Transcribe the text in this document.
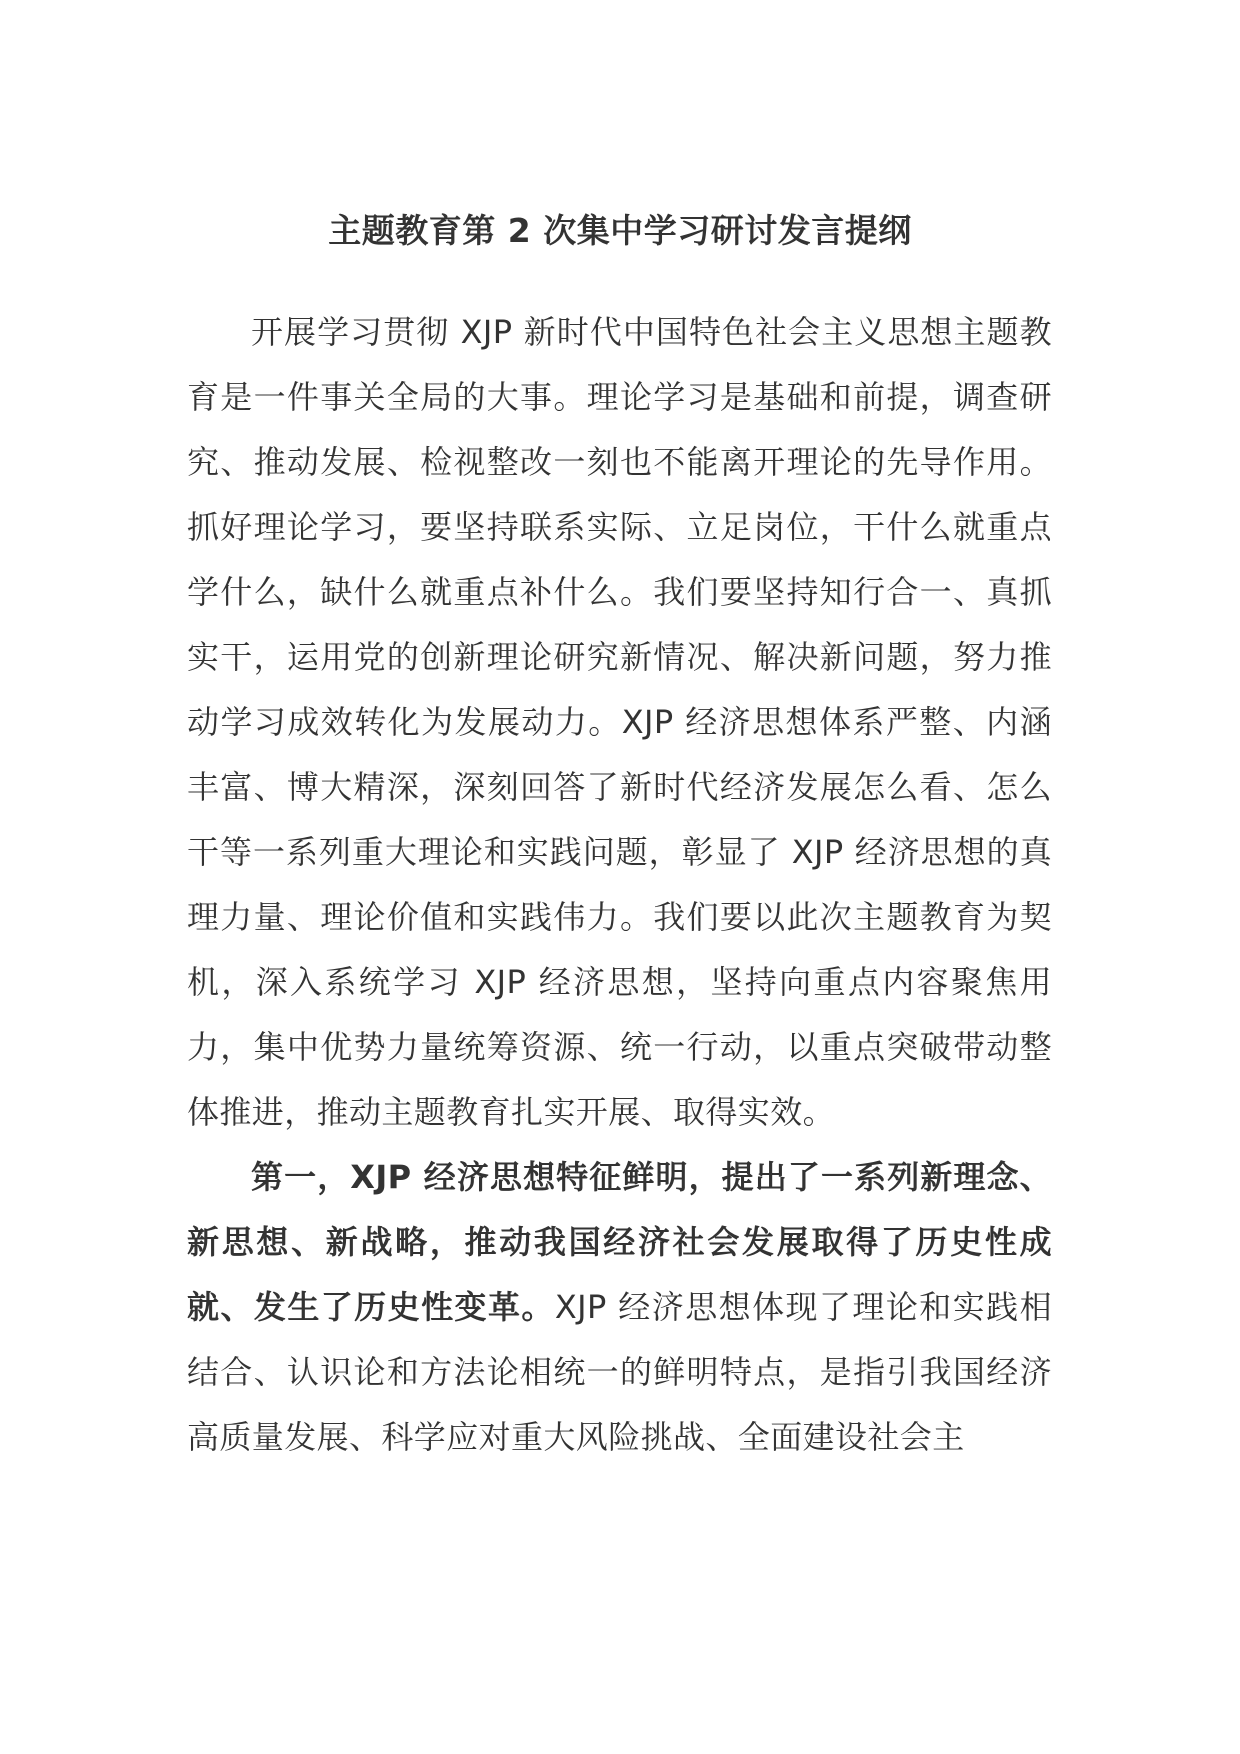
主题教育第 2 次集中学习研讨发言提纲

开展学习贯彻 XJP 新时代中国特色社会主义思想主题教育是一件事关全局的大事。理论学习是基础和前提，调查研究、推动发展、检视整改一刻也不能离开理论的先导作用。抓好理论学习，要坚持联系实际、立足岗位，干什么就重点学什么，缺什么就重点补什么。我们要坚持知行合一、真抓实干，运用党的创新理论研究新情况、解决新问题，努力推动学习成效转化为发展动力。XJP 经济思想体系严整、内涵丰富、博大精深，深刻回答了新时代经济发展怎么看、怎么干等一系列重大理论和实践问题，彰显了 XJP 经济思想的真理力量、理论价值和实践伟力。我们要以此次主题教育为契机，深入系统学习 XJP 经济思想，坚持向重点内容聚焦用力，集中优势力量统筹资源、统一行动，以重点突破带动整体推进，推动主题教育扎实开展、取得实效。

第一，XJP 经济思想特征鲜明，提出了一系列新理念、新思想、新战略，推动我国经济社会发展取得了历史性成就、发生了历史性变革。XJP 经济思想体现了理论和实践相结合、认识论和方法论相统一的鲜明特点，是指引我国经济高质量发展、科学应对重大风险挑战、全面建设社会主
